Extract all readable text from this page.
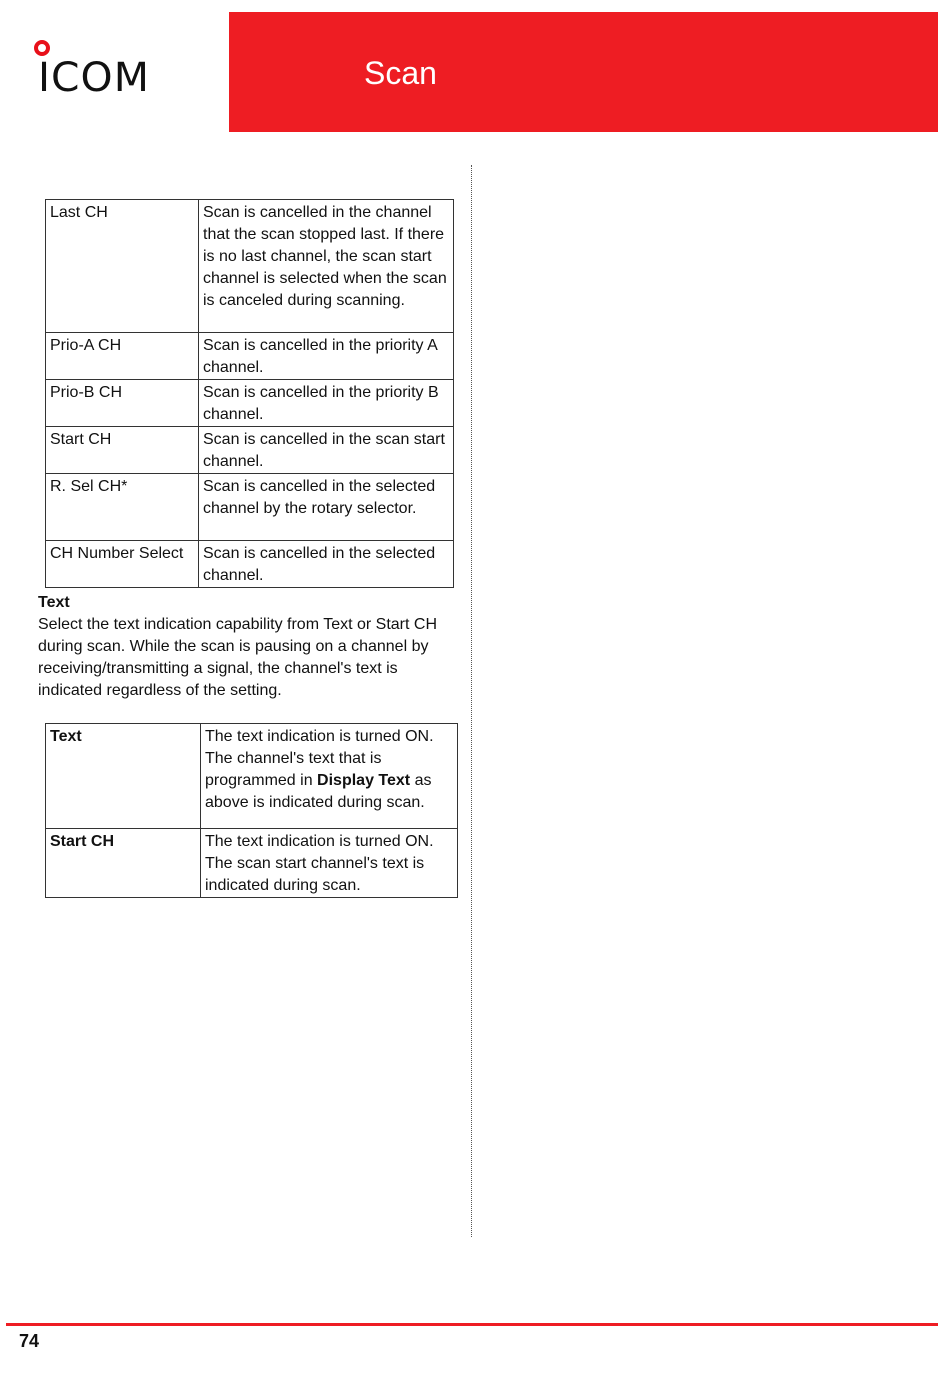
ICOM	Scan
Last CH	Scan is cancelled in the channel that the scan stopped last. If there is no last channel, the scan start channel is selected when the scan is canceled during scanning.
Prio-A CH	Scan is cancelled in the priority A channel.
Prio-B CH	Scan is cancelled in the priority B channel.
Start CH	Scan is cancelled in the scan start channel.
R. Sel CH*	Scan is cancelled in the selected channel by the rotary selector.
CH Number Select	Scan is cancelled in the selected channel.
Text
Select the text indication capability from Text or Start CH during scan. While the scan is pausing on a channel by receiving/transmitting a signal, the channel's text is indicated regardless of the setting.
Text	The text indication is turned ON. The channel's text that is programmed in Display Text as above is indicated during scan.
Start CH	The text indication is turned ON. The scan start channel's text is indicated during scan.
74
